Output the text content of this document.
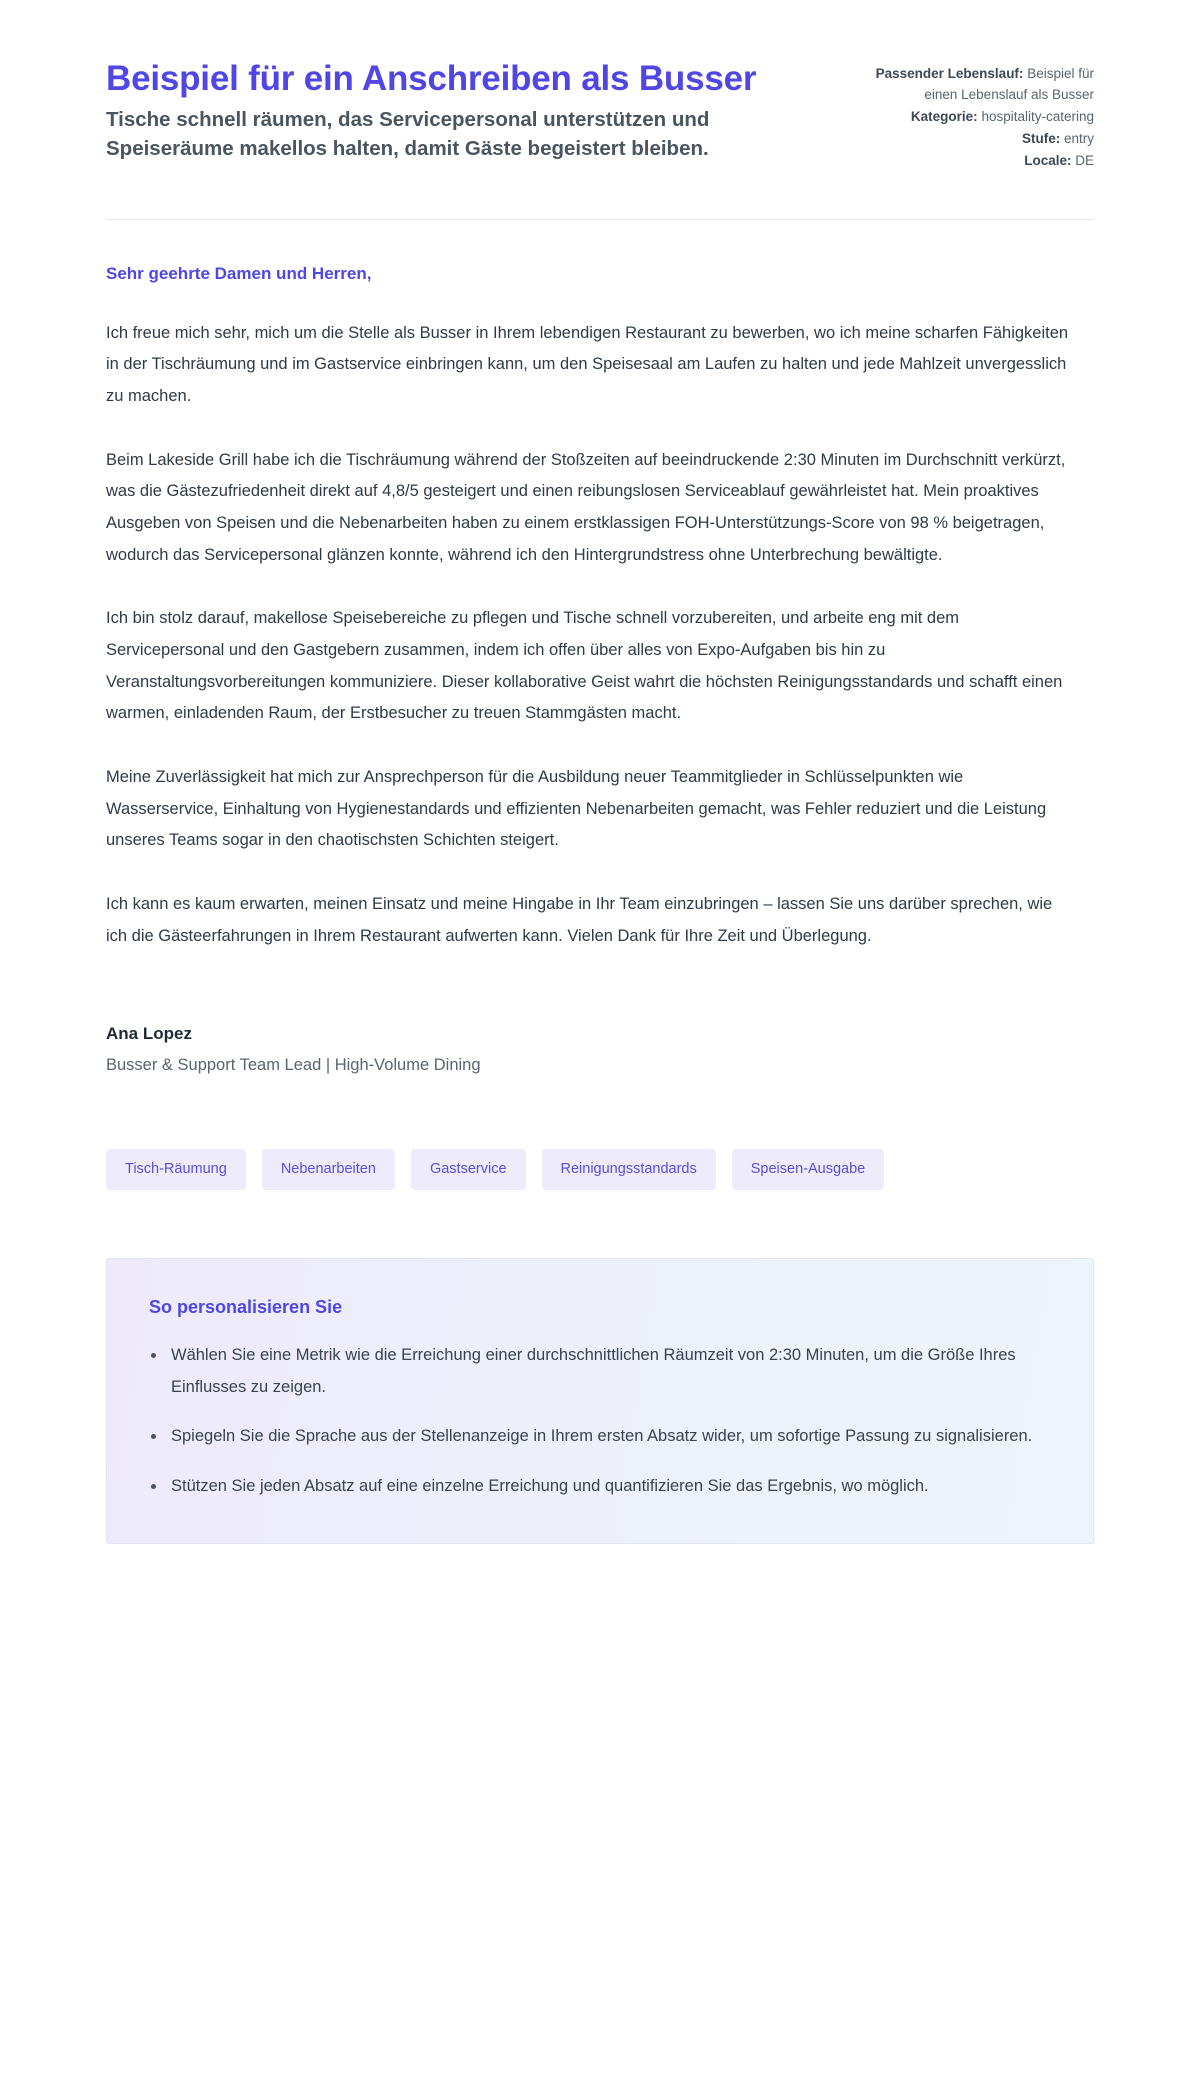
Beispiel für ein Anschreiben als Busser

Tische schnell räumen, das Servicepersonal unterstützen und Speiseräume makellos halten, damit Gäste begeistert bleiben.

Passender Lebenslauf: Beispiel für einen Lebenslauf als Busser
Kategorie: hospitality-catering
Stufe: entry
Locale: DE

Sehr geehrte Damen und Herren,

Ich freue mich sehr, mich um die Stelle als Busser in Ihrem lebendigen Restaurant zu bewerben, wo ich meine scharfen Fähigkeiten in der Tischräumung und im Gastservice einbringen kann, um den Speisesaal am Laufen zu halten und jede Mahlzeit unvergesslich zu machen.

Beim Lakeside Grill habe ich die Tischräumung während der Stoßzeiten auf beeindruckende 2:30 Minuten im Durchschnitt verkürzt, was die Gästezufriedenheit direkt auf 4,8/5 gesteigert und einen reibungslosen Serviceablauf gewährleistet hat. Mein proaktives Ausgeben von Speisen und die Nebenarbeiten haben zu einem erstklassigen FOH-Unterstützungs-Score von 98 % beigetragen, wodurch das Servicepersonal glänzen konnte, während ich den Hintergrundstress ohne Unterbrechung bewältigte.

Ich bin stolz darauf, makellose Speisebereiche zu pflegen und Tische schnell vorzubereiten, und arbeite eng mit dem Servicepersonal und den Gastgebern zusammen, indem ich offen über alles von Expo-Aufgaben bis hin zu Veranstaltungsvorbereitungen kommuniziere. Dieser kollaborative Geist wahrt die höchsten Reinigungsstandards und schafft einen warmen, einladenden Raum, der Erstbesucher zu treuen Stammgästen macht.

Meine Zuverlässigkeit hat mich zur Ansprechperson für die Ausbildung neuer Teammitglieder in Schlüsselpunkten wie Wasserservice, Einhaltung von Hygienestandards und effizienten Nebenarbeiten gemacht, was Fehler reduziert und die Leistung unseres Teams sogar in den chaotischsten Schichten steigert.

Ich kann es kaum erwarten, meinen Einsatz und meine Hingabe in Ihr Team einzubringen – lassen Sie uns darüber sprechen, wie ich die Gästeerfahrungen in Ihrem Restaurant aufwerten kann. Vielen Dank für Ihre Zeit und Überlegung.

Ana Lopez
Busser & Support Team Lead | High-Volume Dining
Tisch-Räumung	Nebenarbeiten	Gastservice	Reinigungsstandards	Speisen-Ausgabe
So personalisieren Sie
Wählen Sie eine Metrik wie die Erreichung einer durchschnittlichen Räumzeit von 2:30 Minuten, um die Größe Ihres Einflusses zu zeigen.
Spiegeln Sie die Sprache aus der Stellenanzeige in Ihrem ersten Absatz wider, um sofortige Passung zu signalisieren.
Stützen Sie jeden Absatz auf eine einzelne Erreichung und quantifizieren Sie das Ergebnis, wo möglich.
